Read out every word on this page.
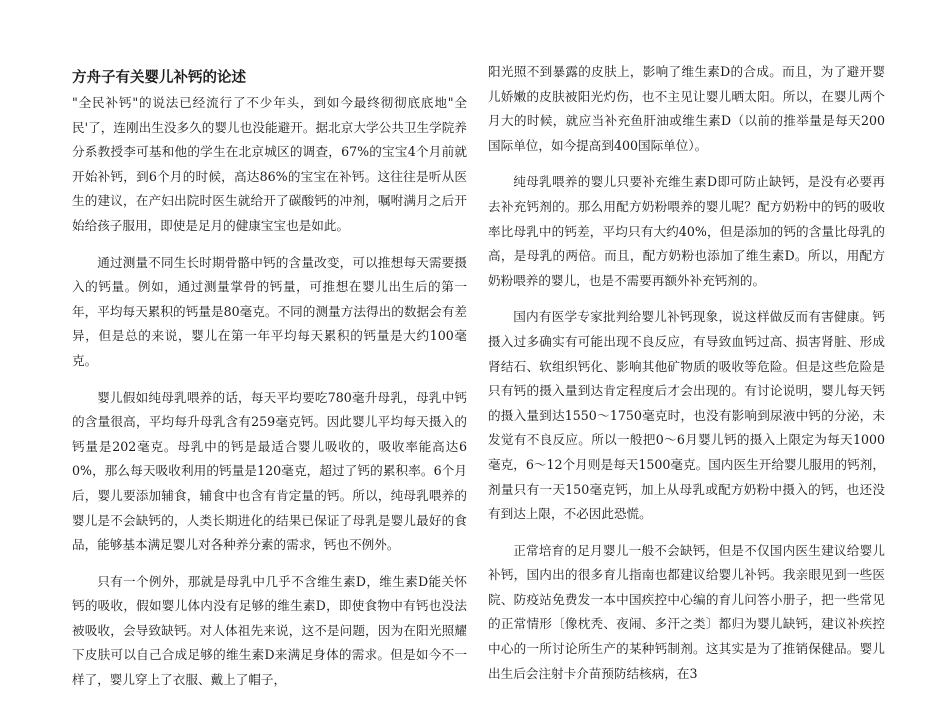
方舟子有关婴儿补钙的论述

"全民补钙"的说法已经流行了不少年头，到如今最终彻彻底底地"全民'了，连刚出生没多久的婴儿也没能避开。据北京大学公共卫生学院养分系教授李可基和他的学生在北京城区的调查，67%的宝宝4个月前就开始补钙，到6个月的时候，高达86%的宝宝在补钙。这往往是听从医生的建议，在产妇出院时医生就给开了碳酸钙的冲剂，嘱咐满月之后开始给孩子服用，即使是足月的健康宝宝也是如此。

通过测量不同生长时期骨骼中钙的含量改变，可以推想每天需要摄入的钙量。例如，通过测量掌骨的钙量，可推想在婴儿出生后的第一年，平均每天累积的钙量是80毫克。不同的测量方法得出的数据会有差异，但是总的来说，婴儿在第一年平均每天累积的钙量是大约100毫克。

婴儿假如纯母乳喂养的话，每天平均要吃780毫升母乳，母乳中钙的含量很高，平均每升母乳含有259毫克钙。因此婴儿平均每天摄入的钙量是202毫克。母乳中的钙是最适合婴儿吸收的，吸收率能高达60%，那么每天吸收利用的钙量是120毫克，超过了钙的累积率。6个月后，婴儿要添加辅食，辅食中也含有肯定量的钙。所以，纯母乳喂养的婴儿是不会缺钙的，人类长期进化的结果已保证了母乳是婴儿最好的食品，能够基本满足婴儿对各种养分素的需求，钙也不例外。

只有一个例外，那就是母乳中几乎不含维生素D，维生素D能关怀钙的吸收，假如婴儿体内没有足够的维生素D，即使食物中有钙也没法被吸收，会导致缺钙。对人体祖先来说，这不是问题，因为在阳光照耀下皮肤可以自己合成足够的维生素D来满足身体的需求。但是如今不一样了，婴儿穿上了衣服、戴上了帽子，

阳光照不到暴露的皮肤上，影响了维生素D的合成。而且，为了避开婴儿娇嫩的皮肤被阳光灼伤，也不主见让婴儿晒太阳。所以，在婴儿两个月大的时候，就应当补充鱼肝油或维生素D（以前的推举量是每天200国际单位，如今提高到400国际单位）。

纯母乳喂养的婴儿只要补充维生素D即可防止缺钙，是没有必要再去补充钙剂的。那么用配方奶粉喂养的婴儿呢？配方奶粉中的钙的吸收率比母乳中的钙差，平均只有大约40%，但是添加的钙的含量比母乳的高，是母乳的两倍。而且，配方奶粉也添加了维生素D。所以，用配方奶粉喂养的婴儿，也是不需要再额外补充钙剂的。

国内有医学专家批判给婴儿补钙现象，说这样做反而有害健康。钙摄入过多确实有可能出现不良反应，有导致血钙过高、损害肾脏、形成肾结石、软组织钙化、影响其他矿物质的吸收等危险。但是这些危险是只有钙的摄入量到达肯定程度后才会出现的。有讨论说明，婴儿每天钙的摄入量到达1550～1750毫克时，也没有影响到尿液中钙的分泌，未发觉有不良反应。所以一般把0～6月婴儿钙的摄入上限定为每天1000毫克，6～12个月则是每天1500毫克。国内医生开给婴儿服用的钙剂，剂量只有一天150毫克钙，加上从母乳或配方奶粉中摄入的钙，也还没有到达上限，不必因此恐慌。

正常培育的足月婴儿一般不会缺钙，但是不仅国内医生建议给婴儿补钙，国内出的很多育儿指南也都建议给婴儿补钙。我亲眼见到一些医院、防疫站免费发一本中国疾控中心编的育儿问答小册子，把一些常见的正常情形〔像枕秃、夜闹、多汗之类〕都归为婴儿缺钙，建议补疾控中心的一所讨论所生产的某种钙制剂。这其实是为了推销保健品。婴儿出生后会注射卡介苗预防结核病，在3
